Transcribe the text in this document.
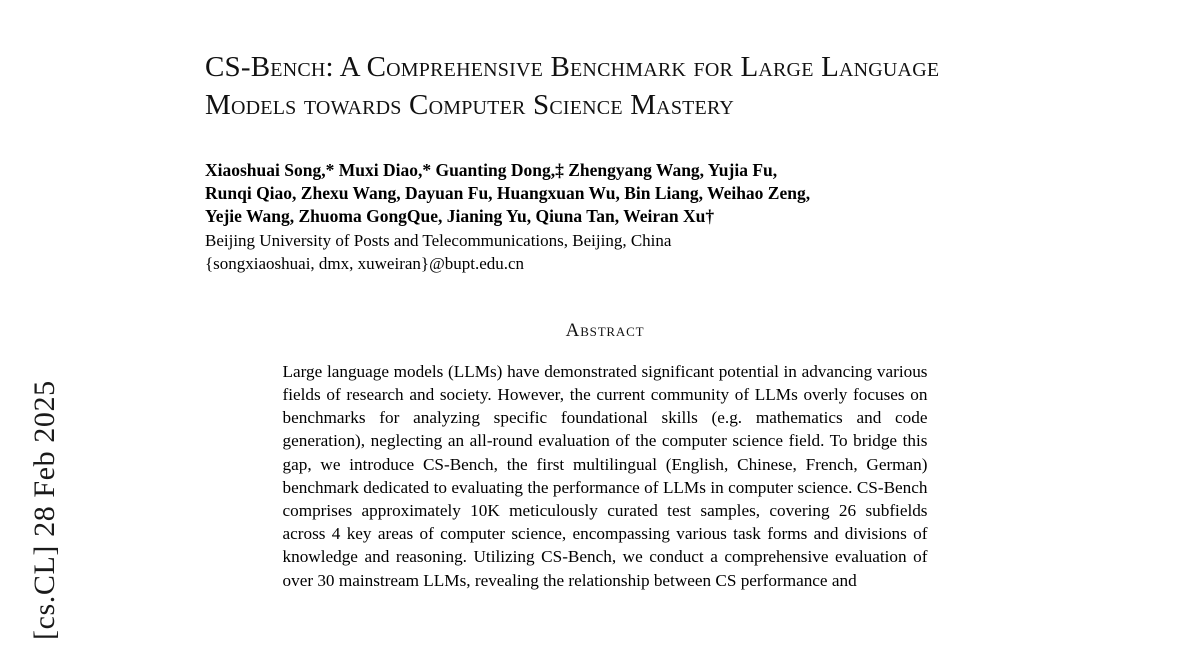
[cs.CL] 28 Feb 2025
CS-Bench: A Comprehensive Benchmark for Large Language Models towards Computer Science Mastery
Xiaoshuai Song,* Muxi Diao,* Guanting Dong,‡ Zhengyang Wang, Yujia Fu,
Runqi Qiao, Zhexu Wang, Dayuan Fu, Huangxuan Wu, Bin Liang, Weihao Zeng,
Yejie Wang, Zhuoma GongQue, Jianing Yu, Qiuna Tan, Weiran Xu†
Beijing University of Posts and Telecommunications, Beijing, China
{songxiaoshuai, dmx, xuweiran}@bupt.edu.cn
Abstract
Large language models (LLMs) have demonstrated significant potential in advancing various fields of research and society. However, the current community of LLMs overly focuses on benchmarks for analyzing specific foundational skills (e.g. mathematics and code generation), neglecting an all-round evaluation of the computer science field. To bridge this gap, we introduce CS-Bench, the first multilingual (English, Chinese, French, German) benchmark dedicated to evaluating the performance of LLMs in computer science. CS-Bench comprises approximately 10K meticulously curated test samples, covering 26 subfields across 4 key areas of computer science, encompassing various task forms and divisions of knowledge and reasoning. Utilizing CS-Bench, we conduct a comprehensive evaluation of over 30 mainstream LLMs, revealing the relationship between CS performance and
